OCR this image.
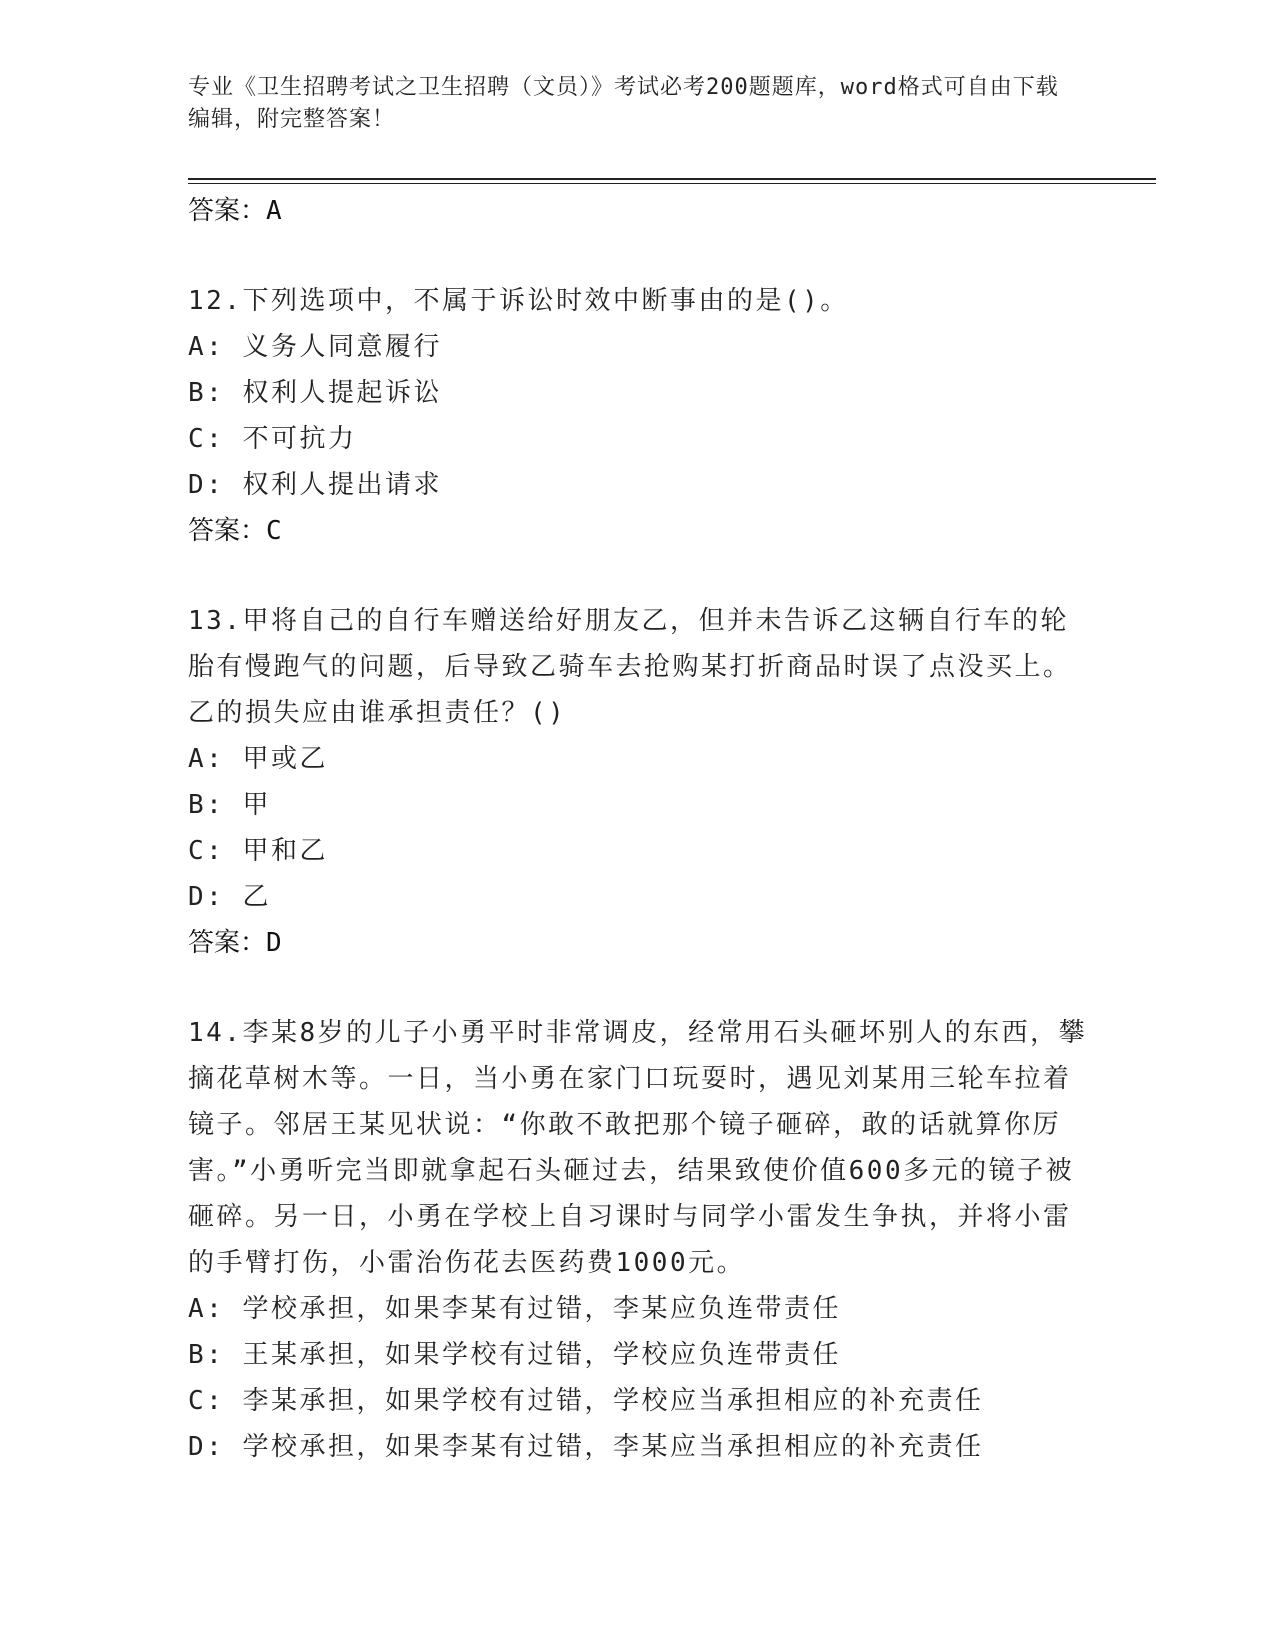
专业《卫生招聘考试之卫生招聘（文员）》考试必考200题题库，word格式可自由下载编辑，附完整答案！
答案：A
12.下列选项中，不属于诉讼时效中断事由的是()。
A: 义务人同意履行
B: 权利人提起诉讼
C: 不可抗力
D: 权利人提出请求
答案：C
13.甲将自己的自行车赠送给好朋友乙，但并未告诉乙这辆自行车的轮胎有慢跑气的问题，后导致乙骑车去抢购某打折商品时误了点没买上。乙的损失应由谁承担责任？()
A: 甲或乙
B: 甲
C: 甲和乙
D: 乙
答案：D
14.李某8岁的儿子小勇平时非常调皮，经常用石头砸坏别人的东西，攀摘花草树木等。一日，当小勇在家门口玩耍时，遇见刘某用三轮车拉着镜子。邻居王某见状说：“你敢不敢把那个镜子砸碎，敢的话就算你厉害。”小勇听完当即就拿起石头砸过去，结果致使价值600多元的镜子被砸碎。另一日，小勇在学校上自习课时与同学小雷发生争执，并将小雷的手臂打伤，小雷治伤花去医药费1000元。
A: 学校承担，如果李某有过错，李某应负连带责任
B: 王某承担，如果学校有过错，学校应负连带责任
C: 李某承担，如果学校有过错，学校应当承担相应的补充责任
D: 学校承担，如果李某有过错，李某应当承担相应的补充责任
